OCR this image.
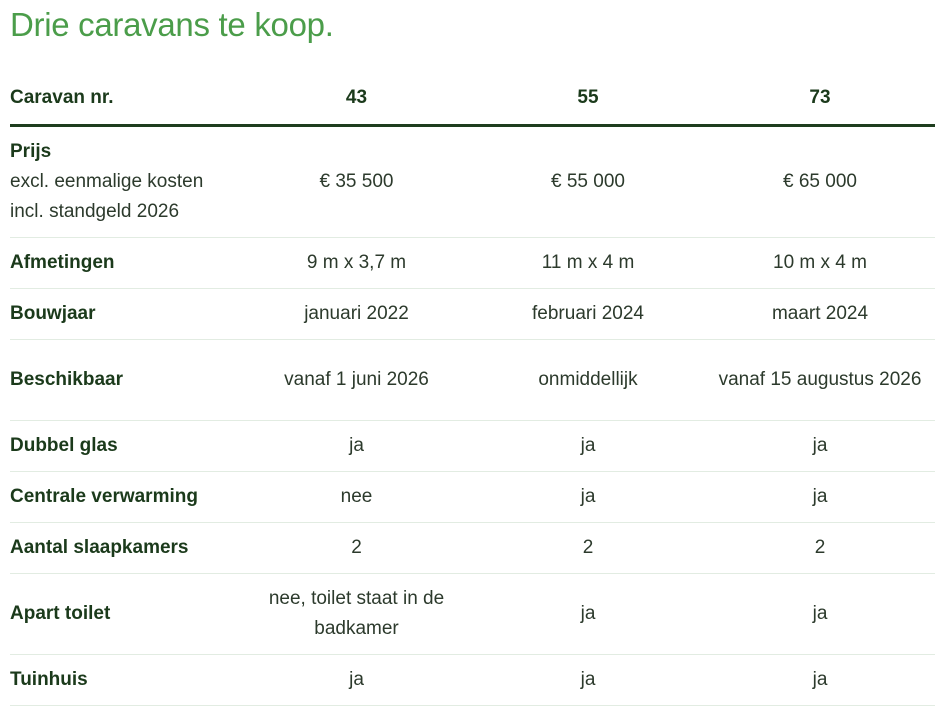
Drie caravans te koop.
Caravan nr.	43	55	73

Prijs
excl. eenmalige kosten
incl. standgeld 2026	€ 35 500	€ 55 000	€ 65 000
Afmetingen	9 m x 3,7 m	11 m x 4 m	10 m x 4 m
Bouwjaar	januari 2022	februari 2024	maart 2024
Beschikbaar	vanaf 1 juni 2026	onmiddellijk	vanaf 15 augustus 2026
Dubbel glas	ja	ja	ja
Centrale verwarming	nee	ja	ja
Aantal slaapkamers	2	2	2
Apart toilet	nee, toilet staat in de badkamer	ja	ja
Tuinhuis	ja	ja	ja
